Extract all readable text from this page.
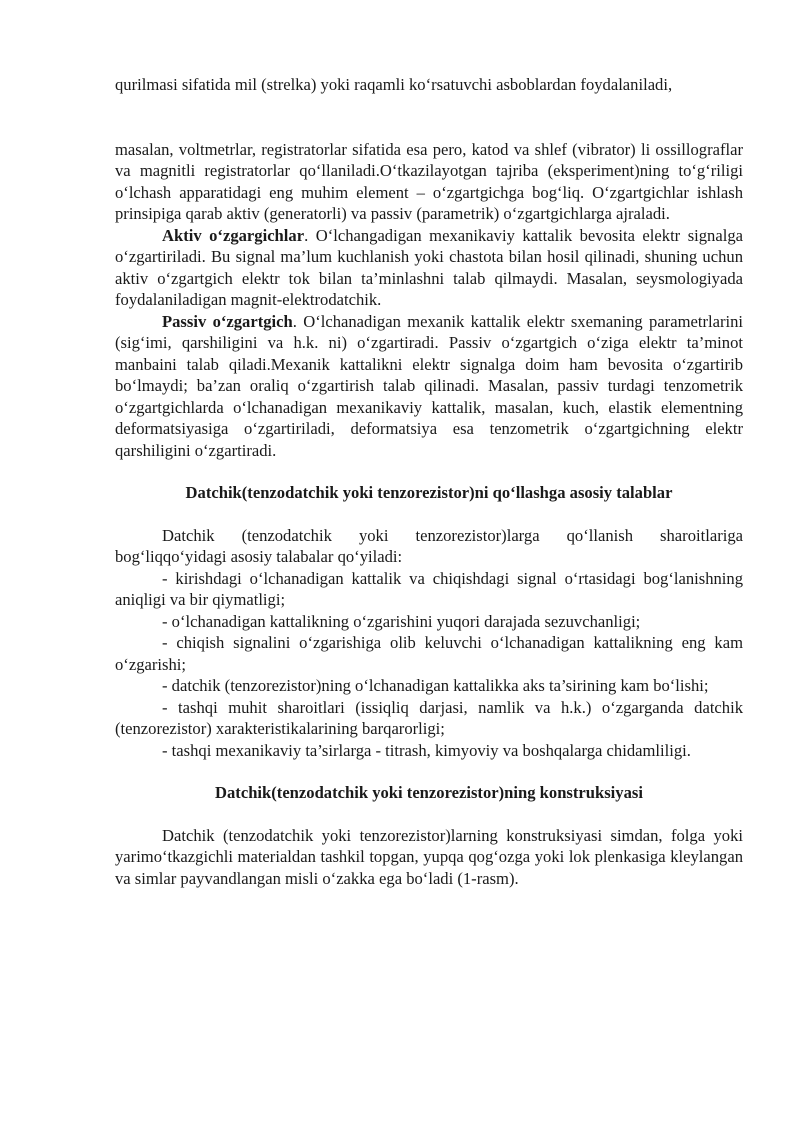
qurilmasi sifatida mil (strelka) yoki raqamli ko‘rsatuvchi asboblardan foydalaniladi,

masalan, voltmetrlar, registratorlar sifatida esa pero, katod va shlef (vibrator) li ossillograflar va magnitli registratorlar qo‘llaniladi.O‘tkazilayotgan tajriba (eksperiment)ning to‘g‘riligi o‘lchash apparatidagi eng muhim element – o‘zgartgichga bog‘liq. O‘zgartgichlar ishlash prinsipiga qarab aktiv (generatorli) va passiv (parametrik) o‘zgartgichlarga ajraladi.

Aktiv o‘zgargichlar. O‘lchangadigan mexanikaviy kattalik bevosita elektr signalga o‘zgartiriladi. Bu signal ma’lum kuchlanish yoki chastota bilan hosil qilinadi, shuning uchun aktiv o‘zgartgich elektr tok bilan ta’minlashni talab qilmaydi. Masalan, seysmologiyada foydalaniladigan magnit-elektrodatchik.

Passiv o‘zgartgich. O‘lchanadigan mexanik kattalik elektr sxemaning parametrlarini (sig‘imi, qarshiligini va h.k. ni) o‘zgartiradi. Passiv o‘zgartgich o‘ziga elektr ta’minot manbaini talab qiladi.Mexanik kattalikni elektr signalga doim ham bevosita o‘zgartirib bo‘lmaydi; ba’zan oraliq o‘zgartirish talab qilinadi. Masalan, passiv turdagi tenzometrik o‘zgartgichlarda o‘lchanadigan mexanikaviy kattalik, masalan, kuch, elastik elementning deformatsiyasiga o‘zgartiriladi, deformatsiya esa tenzometrik o‘zgartgichning elektr qarshiligini o‘zgartiradi.

Datchik(tenzodatchik yoki tenzorezistor)ni qo‘llashga asosiy talablar

Datchik (tenzodatchik yoki tenzorezistor)larga qo‘llanish sharoitlariga bog‘liqqo‘yidagi asosiy talabalar qo‘yiladi:

- kirishdagi o‘lchanadigan kattalik va chiqishdagi signal o‘rtasidagi bog‘lanishning aniqligi va bir qiymatligi;

- o‘lchanadigan kattalikning o‘zgarishini yuqori darajada sezuvchanligi;

- chiqish signalini o‘zgarishiga olib keluvchi o‘lchanadigan kattalikning eng kam o‘zgarishi;

- datchik (tenzorezistor)ning o‘lchanadigan kattalikka aks ta’sirining kam bo‘lishi;

- tashqi muhit sharoitlari (issiqliq darjasi, namlik va h.k.) o‘zgarganda datchik (tenzorezistor) xarakteristikalarining barqarorligi;

- tashqi mexanikaviy ta’sirlarga - titrash, kimyoviy va boshqalarga chidamliligi.

Datchik(tenzodatchik yoki tenzorezistor)ning konstruksiyasi

Datchik (tenzodatchik yoki tenzorezistor)larning konstruksiyasi simdan, folga yoki yarimo‘tkazgichli materialdan tashkil topgan, yupqa qog‘ozga yoki lok plenkasiga kleylangan va simlar payvandlangan misli o‘zakka ega bo‘ladi (1-rasm).
